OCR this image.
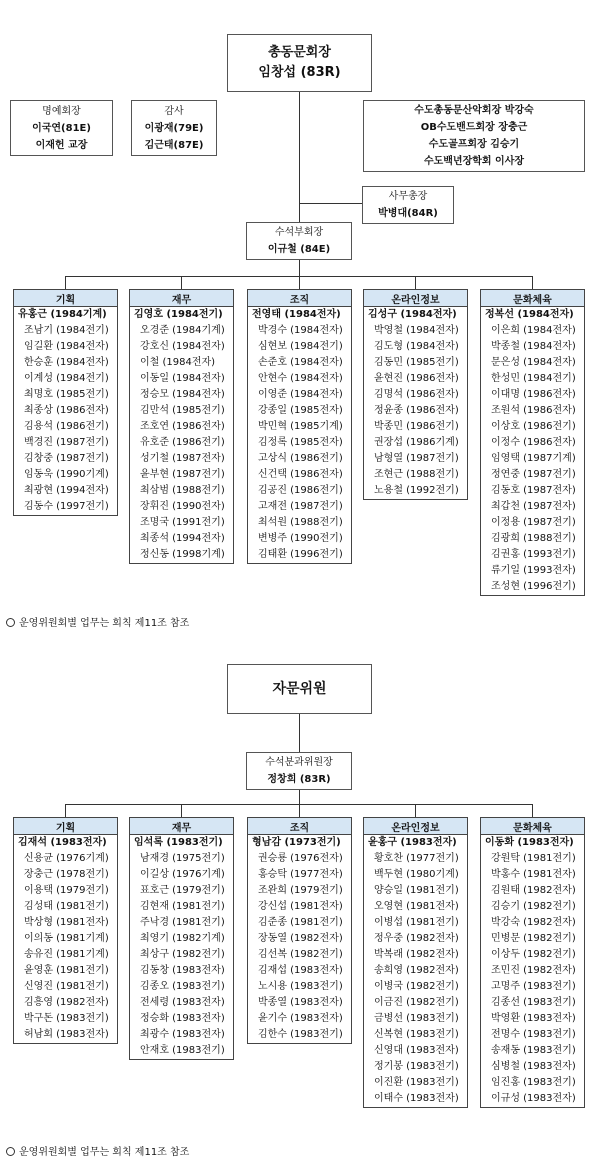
총동문회장
임창섭 (83R)
명예회장
이국연(81E)
이재헌 교장
감사
이광재(79E)
김근태(87E)
수도총동문산악회장 박강숙
OB수도밴드회장 장충근
수도골프회장 김승기
수도백년장학회 이사장
사무총장
박병대(84R)
수석부회장
이규철 (84E)
기획
유홍근 (1984기계)
조남기 (1984전기)
임길환 (1984전자)
한승훈 (1984전자)
이계성 (1984전기)
최명호 (1985전기)
최종상 (1986전자)
김용석 (1986전기)
백경진 (1987전기)
김창중 (1987전기)
임동욱 (1990기계)
최광현 (1994전자)
김동수 (1997전기)
재무
김영호 (1984전기)
오경준 (1984기계)
강호신 (1984전자)
이철 (1984전자)
이동일 (1984전자)
정승모 (1984전자)
김만석 (1985전기)
조호연 (1986전자)
유호준 (1986전기)
성기철 (1987전자)
윤부현 (1987전기)
최삼범 (1988전기)
장휘진 (1990전자)
조명국 (1991전기)
최종석 (1994전자)
정신동 (1998기계)
조직
전영태 (1984전자)
박경수 (1984전자)
심현보 (1984전기)
손준호 (1984전자)
안현수 (1984전자)
이영준 (1984전자)
강종일 (1985전자)
박민혁 (1985기계)
김정록 (1985전자)
고상식 (1986전기)
신건택 (1986전자)
김공진 (1986전기)
고재전 (1987전기)
최석원 (1988전기)
변병주 (1990전기)
김태환 (1996전기)
온라인정보
김성구 (1984전자)
박영철 (1984전자)
김도형 (1984전자)
김동민 (1985전기)
윤현진 (1986전자)
김명석 (1986전자)
정윤종 (1986전자)
박종민 (1986전기)
권장섭 (1986기계)
남형열 (1987전기)
조현근 (1988전기)
노용철 (1992전기)
문화체육
정복선 (1984전자)
이은희 (1984전자)
박종철 (1984전자)
문은성 (1984전자)
한성민 (1984전기)
이대명 (1986전자)
조원석 (1986전자)
이상호 (1986전기)
이정수 (1986전자)
임영택 (1987기계)
정연중 (1987전기)
김동호 (1987전자)
최갑천 (1987전자)
이정용 (1987전기)
김광희 (1988전기)
김권홍 (1993전기)
류기일 (1993전자)
조성현 (1996전기)
운영위원회별 업무는 회칙 제11조 참조
자문위원
수석분과위원장
정창희 (83R)
기획
김재석 (1983전자)
신용균 (1976기계)
장충근 (1978전기)
이용택 (1979전기)
김성태 (1981전기)
박상형 (1981전자)
이의동 (1981기계)
송유진 (1981기계)
윤영훈 (1981전기)
신영진 (1981전기)
김흥영 (1982전자)
박구돈 (1983전기)
허남회 (1983전자)
재무
임석록 (1983전기)
남재경 (1975전기)
이길상 (1976기계)
표호근 (1979전기)
김현재 (1981전기)
주낙경 (1981전기)
최영기 (1982기계)
최상구 (1982전기)
김동창 (1983전자)
김종오 (1983전기)
전세령 (1983전자)
정승화 (1983전자)
최광수 (1983전자)
안재호 (1983전기)
조직
형남감 (1973전기)
권승룡 (1976전자)
홍승탁 (1977전자)
조완희 (1979전기)
강신섭 (1981전자)
김준종 (1981전기)
장동열 (1982전자)
김선복 (1982전기)
김재섭 (1983전자)
노시용 (1983전기)
박종열 (1983전자)
윤기수 (1983전자)
김한수 (1983전기)
온라인정보
윤홍구 (1983전자)
황호찬 (1977전기)
백두현 (1980기계)
양승일 (1981전기)
오영현 (1981전자)
이병섭 (1981전기)
정우중 (1982전자)
박복래 (1982전자)
송희영 (1982전자)
이병국 (1982전기)
이금진 (1982전기)
금병선 (1983전기)
신복현 (1983전기)
신영대 (1983전자)
정기봉 (1983전기)
이진환 (1983전기)
이태수 (1983전자)
문화체육
이동화 (1983전자)
강원탁 (1981전기)
박홍수 (1981전자)
김원태 (1982전자)
김승기 (1982전기)
박강숙 (1982전자)
민병문 (1982전기)
이상두 (1982전기)
조민진 (1982전자)
고명주 (1983전기)
김종선 (1983전기)
박영환 (1983전자)
전명수 (1983전기)
송재동 (1983전기)
심병철 (1983전자)
임진홍 (1983전기)
이규성 (1983전자)
운영위원회별 업무는 회칙 제11조 참조
